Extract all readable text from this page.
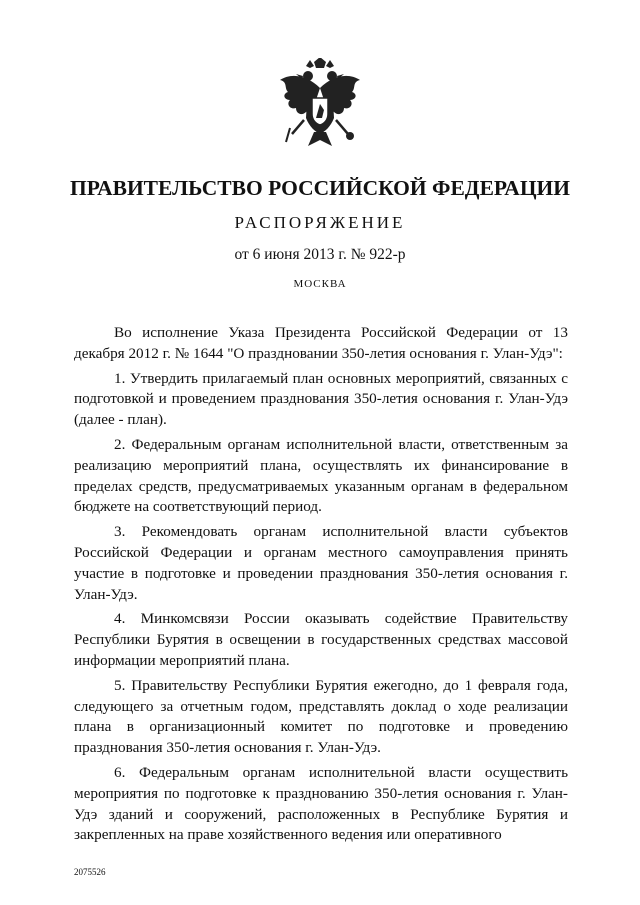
ПРАВИТЕЛЬСТВО РОССИЙСКОЙ ФЕДЕРАЦИИ
РАСПОРЯЖЕНИЕ
от 6 июня 2013 г. № 922-р
МОСКВА

Во исполнение Указа Президента Российской Федерации от 13 декабря 2012 г. № 1644 "О праздновании 350-летия основания г. Улан-Удэ":

1. Утвердить прилагаемый план основных мероприятий, связанных с подготовкой и проведением празднования 350-летия основания г. Улан-Удэ (далее - план).

2. Федеральным органам исполнительной власти, ответственным за реализацию мероприятий плана, осуществлять их финансирование в пределах средств, предусматриваемых указанным органам в федеральном бюджете на соответствующий период.

3. Рекомендовать органам исполнительной власти субъектов Российской Федерации и органам местного самоуправления принять участие в подготовке и проведении празднования 350-летия основания г. Улан-Удэ.

4. Минкомсвязи России оказывать содействие Правительству Республики Бурятия в освещении в государственных средствах массовой информации мероприятий плана.

5. Правительству Республики Бурятия ежегодно, до 1 февраля года, следующего за отчетным годом, представлять доклад о ходе реализации плана в организационный комитет по подготовке и проведению празднования 350-летия основания г. Улан-Удэ.

6. Федеральным органам исполнительной власти осуществить мероприятия по подготовке к празднованию 350-летия основания г. Улан-Удэ зданий и сооружений, расположенных в Республике Бурятия и закрепленных на праве хозяйственного ведения или оперативного

2075526
